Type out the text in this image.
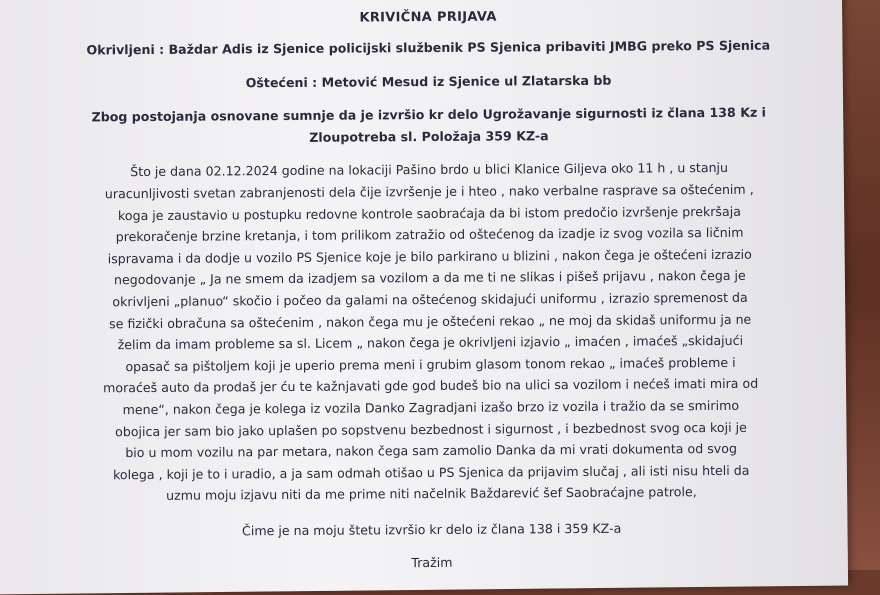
KRIVIČNA PRIJAVA

Okrivljeni : Baždar Adis iz Sjenice policijski službenik PS Sjenica pribaviti JMBG preko PS Sjenica

Oštećeni : Metović Mesud iz Sjenice ul Zlatarska bb

Zbog postojanja osnovane sumnje da je izvršio kr delo Ugrožavanje sigurnosti iz člana 138 Kz i

Zloupotreba sl. Položaja 359 KZ-a

Što je dana 02.12.2024 godine na lokaciji Pašino brdo u blici Klanice Giljeva oko 11 h , u stanju

uracunljivosti svetan zabranjenosti dela čije izvršenje je i hteo , nako verbalne rasprave sa oštećenim ,

koga je zaustavio u postupku redovne kontrole saobraćaja da bi istom predočio izvršenje prekršaja

prekoračenje brzine kretanja, i tom prilikom zatražio od oštećenog da izadje iz svog vozila sa ličnim

ispravama i da dodje u vozilo PS Sjenice koje je bilo parkirano u blizini , nakon čega je oštećeni izrazio

negodovanje „ Ja ne smem da izadjem sa vozilom a da me ti ne slikas i pišeš prijavu , nakon čega je

okrivljeni „planuo“ skočio i počeo da galami na oštećenog skidajući uniformu , izrazio spremenost da

se fizički obračuna sa oštećenim , nakon čega mu je oštećeni rekao „ ne moj da skidaš uniformu ja ne

želim da imam probleme sa sl. Licem „ nakon čega je okrivljeni izjavio „ imaćen , imaćeš „skidajući

opasač sa pištoljem koji je uperio prema meni i grubim glasom tonom rekao „ imaćeš probleme i

moraćeš auto da prodaš jer ću te kažnjavati gde god budeš bio na ulici sa vozilom i nećeš imati mira od

mene“, nakon čega je kolega iz vozila Danko Zagradjani izašo brzo iz vozila i tražio da se smirimo

obojica jer sam bio jako uplašen po sopstvenu bezbednost i sigurnost , i bezbednost svog oca koji je

bio u mom vozilu na par metara, nakon čega sam zamolio Danka da mi vrati dokumenta od svog

kolega , koji je to i uradio, a ja sam odmah otišao u PS Sjenica da prijavim slučaj , ali isti nisu hteli da

uzmu moju izjavu niti da me prime niti načelnik Baždarević šef Saobraćajne patrole,

Čime je na moju štetu izvršio kr delo iz člana 138 i 359 KZ-a

Tražim
